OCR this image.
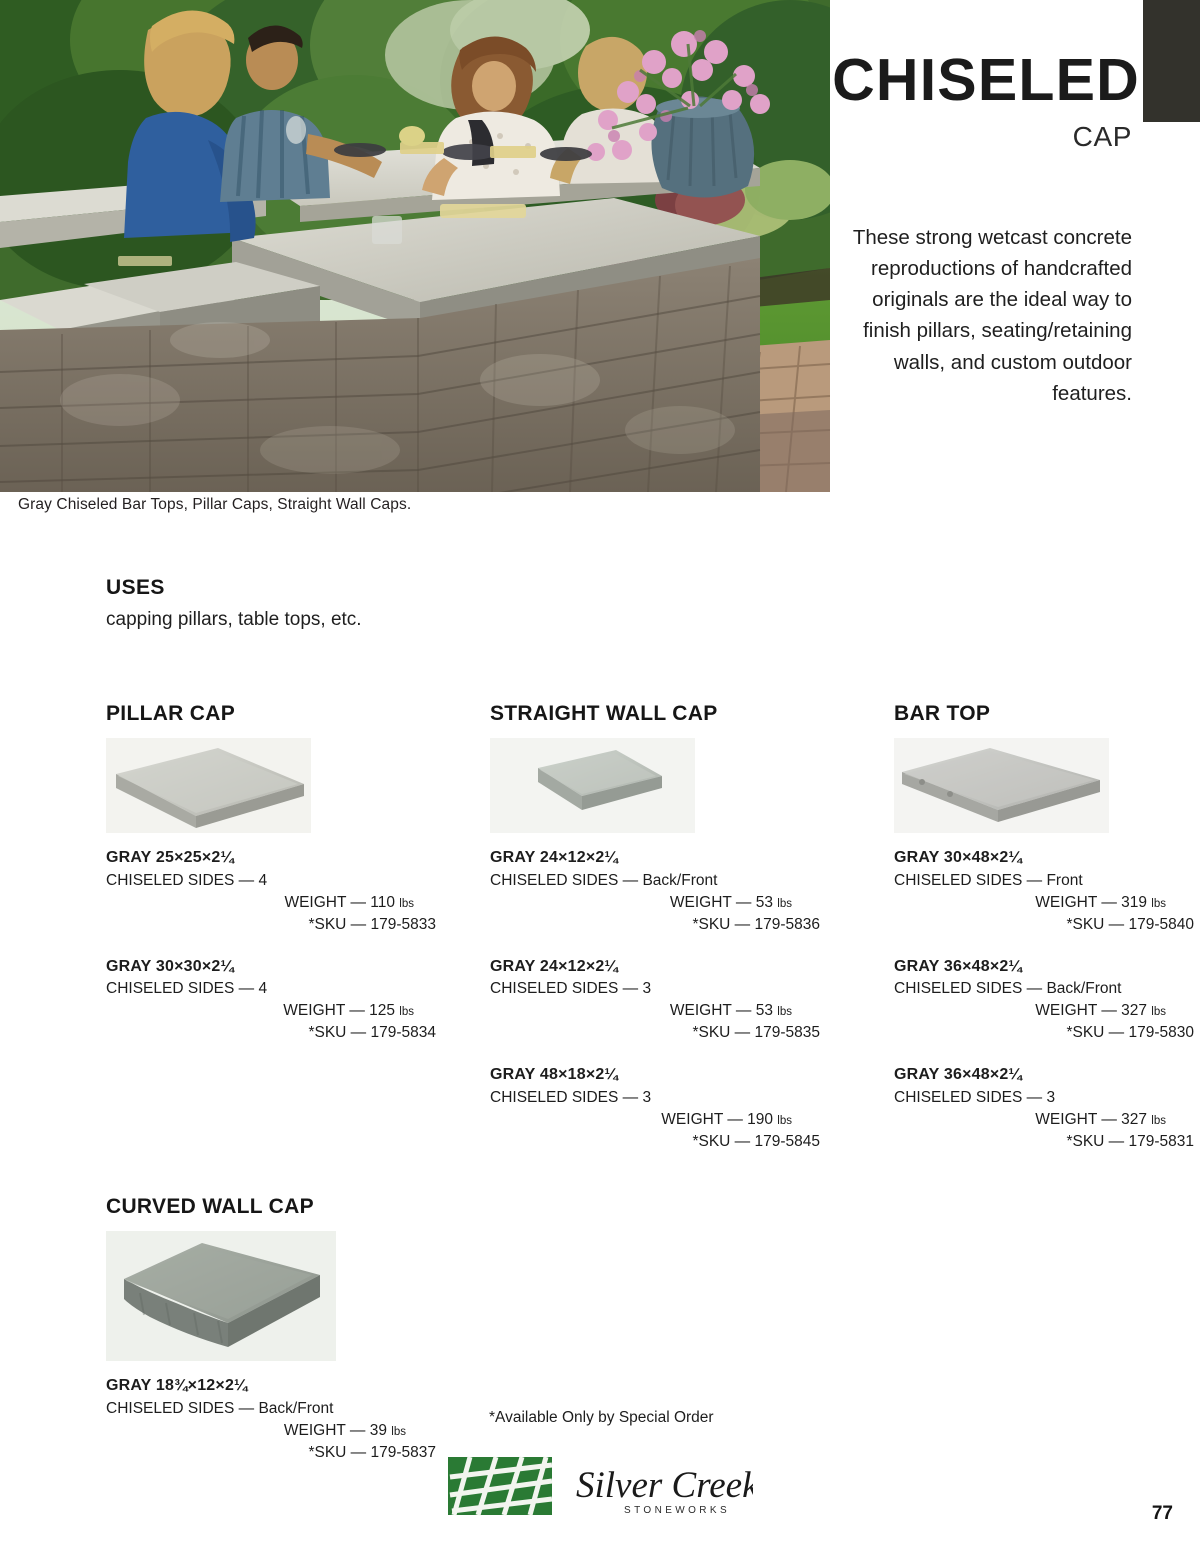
Gray Chiseled Bar Tops, Pillar Caps, Straight Wall Caps.
CHISELED
CAP
These strong wetcast concrete reproductions of handcrafted originals are the ideal way to finish pillars, seating/retaining walls, and custom outdoor features.
USES
capping pillars, table tops, etc.
PILLAR CAP
GRAY 25×25×2¼
CHISELED SIDES — 4
WEIGHT — 110 lbs
*SKU — 179-5833
GRAY 30×30×2¼
CHISELED SIDES — 4
WEIGHT — 125 lbs
*SKU — 179-5834
STRAIGHT WALL CAP
GRAY 24×12×2¼
CHISELED SIDES — Back/Front
WEIGHT — 53 lbs
*SKU — 179-5836
GRAY 24×12×2¼
CHISELED SIDES — 3
WEIGHT — 53 lbs
*SKU — 179-5835
GRAY 48×18×2¼
CHISELED SIDES — 3
WEIGHT — 190 lbs
*SKU — 179-5845
BAR TOP
GRAY 30×48×2¼
CHISELED SIDES — Front
WEIGHT — 319 lbs
*SKU — 179-5840
GRAY 36×48×2¼
CHISELED SIDES — Back/Front
WEIGHT — 327 lbs
*SKU — 179-5830
GRAY 36×48×2¼
CHISELED SIDES — 3
WEIGHT — 327 lbs
*SKU — 179-5831
CURVED WALL CAP
GRAY 18¾×12×2¼
CHISELED SIDES — Back/Front
WEIGHT — 39 lbs
*SKU — 179-5837
*Available Only by Special Order
Silver Creek
STONEWORKS	77
